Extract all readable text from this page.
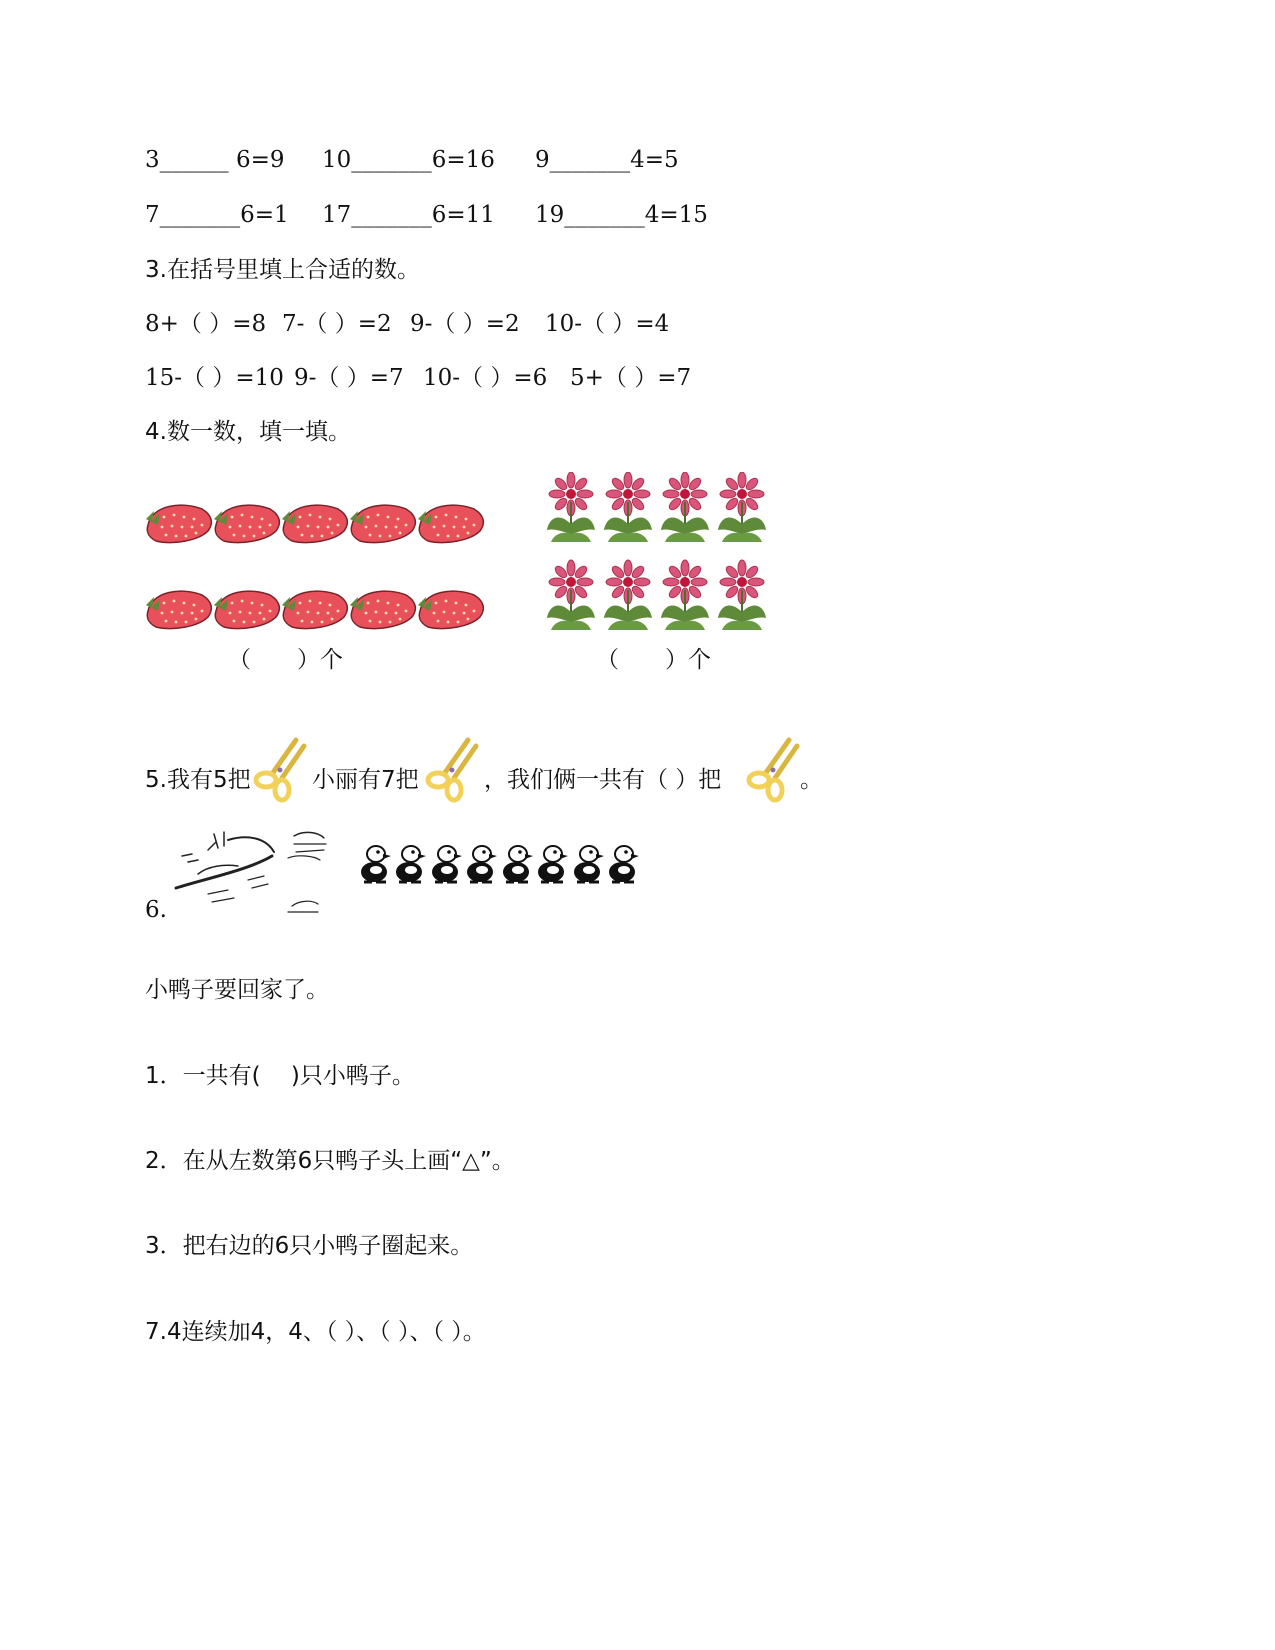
3______ 6=9 10_______6=16 9_______4=5
7_______6=1 17_______6=11 19_______4=15
3.在括号里填上合适的数。
8+（ ）=8 7-（ ）=2 9-（ ）=2 10-（ ）=4
15-（ ）=10 9-（ ）=7 10-（ ）=6 5+（ ）=7
4.数一数，填一填。
（　　）个	（　　）个
5.我有5把	小丽有7把	，我们俩一共有（ ）把	。
6.
小鸭子要回家了。
1．一共有(　 )只小鸭子。
2．在从左数第6只鸭子头上画“△”。
3．把右边的6只小鸭子圈起来。
7.4连续加4，4、（ ）、（ ）、（ ）。
